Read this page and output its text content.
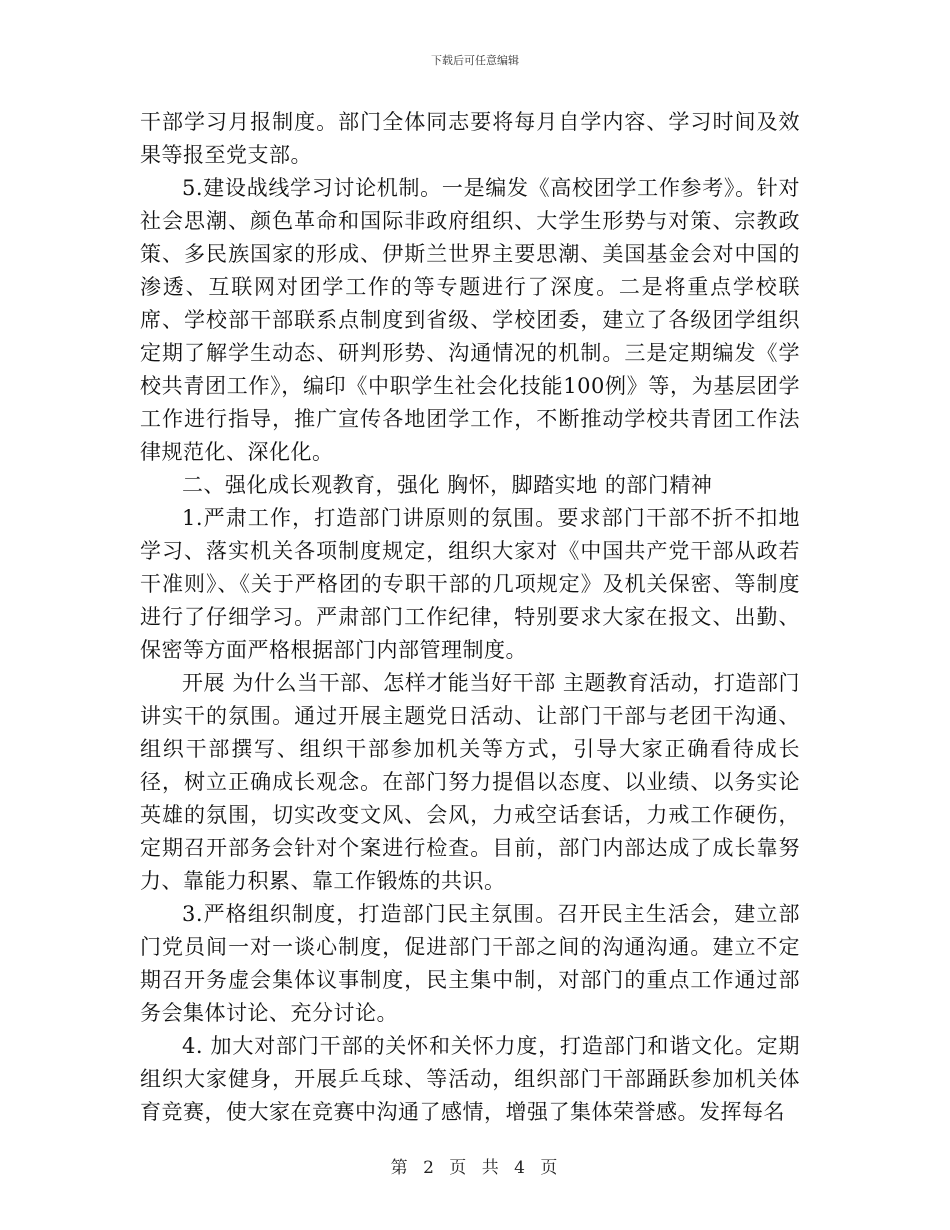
下载后可任意编辑

干部学习月报制度。部门全体同志要将每月自学内容、学习时间及效果等报至党支部。

5.建设战线学习讨论机制。一是编发《高校团学工作参考》。针对社会思潮、颜色革命和国际非政府组织、大学生形势与对策、宗教政策、多民族国家的形成、伊斯兰世界主要思潮、美国基金会对中国的渗透、互联网对团学工作的等专题进行了深度。二是将重点学校联席、学校部干部联系点制度到省级、学校团委，建立了各级团学组织定期了解学生动态、研判形势、沟通情况的机制。三是定期编发《学校共青团工作》，编印《中职学生社会化技能100例》等，为基层团学工作进行指导，推广宣传各地团学工作，不断推动学校共青团工作法律规范化、深化化。

二、强化成长观教育，强化 胸怀，脚踏实地 的部门精神

1.严肃工作，打造部门讲原则的氛围。要求部门干部不折不扣地学习、落实机关各项制度规定，组织大家对《中国共产党干部从政若干准则》、《关于严格团的专职干部的几项规定》及机关保密、等制度进行了仔细学习。严肃部门工作纪律，特别要求大家在报文、出勤、保密等方面严格根据部门内部管理制度。

开展 为什么当干部、怎样才能当好干部 主题教育活动，打造部门讲实干的氛围。通过开展主题党日活动、让部门干部与老团干沟通、组织干部撰写、组织干部参加机关等方式，引导大家正确看待成长径，树立正确成长观念。在部门努力提倡以态度、以业绩、以务实论英雄的氛围，切实改变文风、会风，力戒空话套话，力戒工作硬伤，定期召开部务会针对个案进行检查。目前，部门内部达成了成长靠努力、靠能力积累、靠工作锻炼的共识。

3.严格组织制度，打造部门民主氛围。召开民主生活会，建立部门党员间一对一谈心制度，促进部门干部之间的沟通沟通。建立不定期召开务虚会集体议事制度，民主集中制，对部门的重点工作通过部务会集体讨论、充分讨论。

4. 加大对部门干部的关怀和关怀力度，打造部门和谐文化。定期组织大家健身，开展乒乓球、等活动，组织部门干部踊跃参加机关体育竞赛，使大家在竞赛中沟通了感情，增强了集体荣誉感。发挥每名

第 2 页 共 4 页
